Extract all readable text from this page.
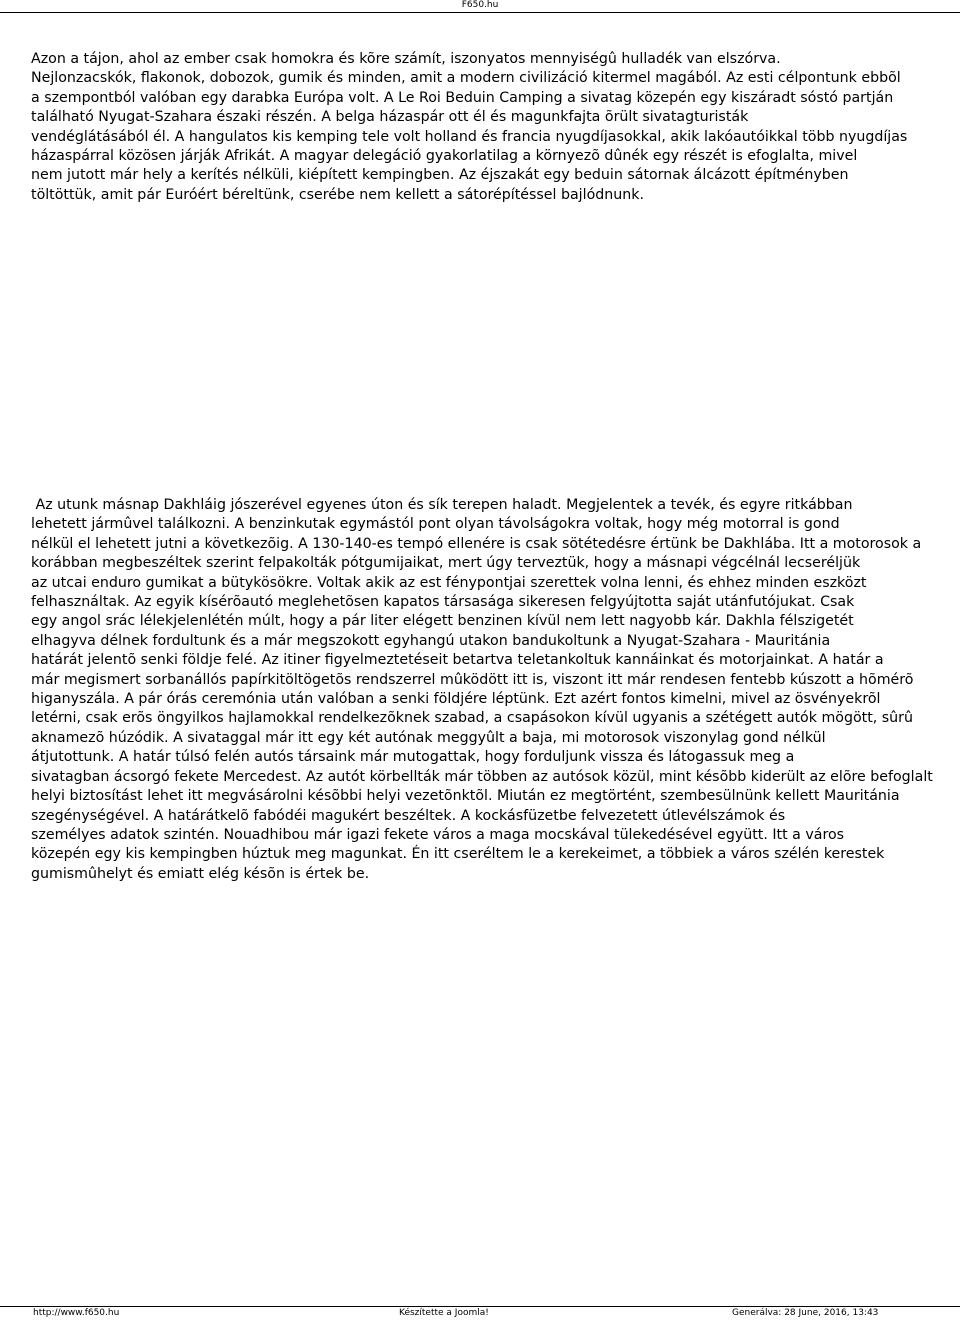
F650.hu
Azon a tájon, ahol az ember csak homokra és kõre számít, iszonyatos mennyiségû hulladék van elszórva.
Nejlonzacskók, flakonok, dobozok, gumik és minden, amit a modern civilizáció kitermel magából. Az esti célpontunk ebbõl
a szempontból valóban egy darabka Európa volt. A Le Roi Beduin Camping a sivatag közepén egy kiszáradt sóstó partján
található Nyugat-Szahara északi részén. A belga házaspár ott él és magunkfajta õrült sivatagturisták
vendéglátásából él. A hangulatos kis kemping tele volt holland és francia nyugdíjasokkal, akik lakóautóikkal több nyugdíjas
házaspárral közösen járják Afrikát. A magyar delegáció gyakorlatilag a környezõ dûnék egy részét is efoglalta, mivel
nem jutott már hely a kerítés nélküli, kiépített kempingben. Az éjszakát egy beduin sátornak álcázott építményben
töltöttük, amit pár Euróért béreltünk, cserébe nem kellett a sátorépítéssel bajlódnunk.
Az utunk másnap Dakhláig jószerével egyenes úton és sík terepen haladt. Megjelentek a tevék, és egyre ritkábban
lehetett jármûvel találkozni. A benzinkutak egymástól pont olyan távolságokra voltak, hogy még motorral is gond
nélkül el lehetett jutni a következõig. A 130-140-es tempó ellenére is csak sötétedésre értünk be Dakhlába. Itt a motorosok a
korábban megbeszéltek szerint felpakolták pótgumijaikat, mert úgy terveztük, hogy a másnapi végcélnál lecseréljük
az utcai enduro gumikat a bütykösökre. Voltak akik az est fénypontjai szerettek volna lenni, és ehhez minden eszközt
felhasználtak. Az egyik kísérõautó meglehetõsen kapatos társasága sikeresen felgyújtotta saját utánfutójukat. Csak
egy angol srác lélekjelenlétén múlt, hogy a pár liter elégett benzinen kívül nem lett nagyobb kár. Dakhla félszigetét
elhagyva délnek fordultunk és a már megszokott egyhangú utakon bandukoltunk a Nyugat-Szahara - Mauritánia
határát jelentõ senki földje felé. Az itiner figyelmeztetéseit betartva teletankoltuk kannáinkat és motorjainkat. A határ a
már megismert sorbanállós papírkitöltögetõs rendszerrel mûködött itt is, viszont itt már rendesen fentebb kúszott a hõmérõ
higanyszála. A pár órás ceremónia után valóban a senki földjére léptünk. Ezt azért fontos kimelni, mivel az ösvényekrõl
letérni, csak erõs öngyilkos hajlamokkal rendelkezõknek szabad, a csapásokon kívül ugyanis a szétégett autók mögött, sûrû
aknamezõ húzódik. A sivataggal már itt egy két autónak meggyûlt a baja, mi motorosok viszonylag gond nélkül
átjutottunk. A határ túlsó felén autós társaink már mutogattak, hogy forduljunk vissza és látogassuk meg a
sivatagban ácsorgó fekete Mercedest. Az autót körbellták már többen az autósok közül, mint késõbb kiderült az elõre befoglalt
helyi biztosítást lehet itt megvásárolni késõbbi helyi vezetõnktõl. Miután ez megtörtént, szembesülnünk kellett Mauritánia
szegénységével. A határátkelõ fabódéi magukért beszéltek. A kockásfüzetbe felvezetett útlevélszámok és
személyes adatok szintén. Nouadhibou már igazi fekete város a maga mocskával tülekedésével együtt. Itt a város
közepén egy kis kempingben húztuk meg magunkat. Én itt cseréltem le a kerekeimet, a többiek a város szélén kerestek
gumismûhelyt és emiatt elég késõn is értek be.
http://www.f650.hu	Készítette a Joomla!	Generálva: 28 June, 2016, 13:43
